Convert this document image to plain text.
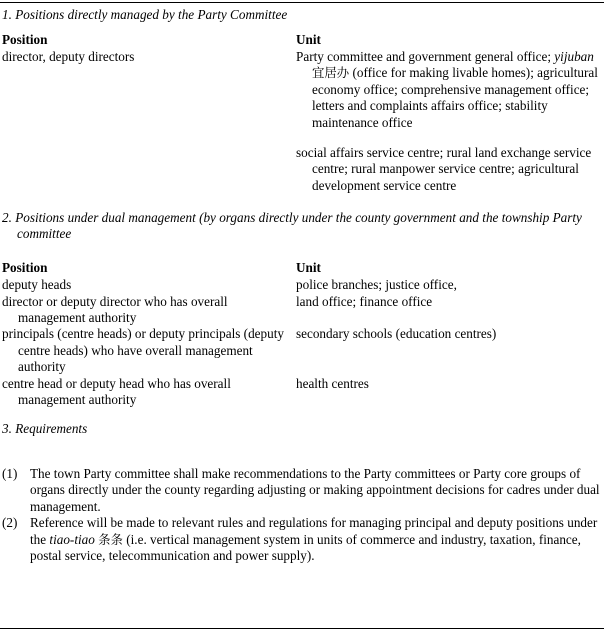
1. Positions directly managed by the Party Committee
Position	Unit
director, deputy directors	Party committee and government general office; yijuban 宜居办 (office for making livable homes); agricultural economy office; comprehensive management office; letters and complaints affairs office; stability maintenance office
social affairs service centre; rural land exchange service centre; rural manpower service centre; agricultural development service centre
2. Positions under dual management (by organs directly under the county government and the township Party committee
Position	Unit
deputy heads	police branches; justice office,

director or deputy director who has overall management authority	land office; finance office

principals (centre heads) or deputy principals (deputy centre heads) who have overall management authority	secondary schools (education centres)

centre head or deputy head who has overall management authority	health centres
3. Requirements
(1) The town Party committee shall make recommendations to the Party committees or Party core groups of organs directly under the county regarding adjusting or making appointment decisions for cadres under dual management.
(2) Reference will be made to relevant rules and regulations for managing principal and deputy positions under the tiao-tiao 条条 (i.e. vertical management system in units of commerce and industry, taxation, finance, postal service, telecommunication and power supply).
